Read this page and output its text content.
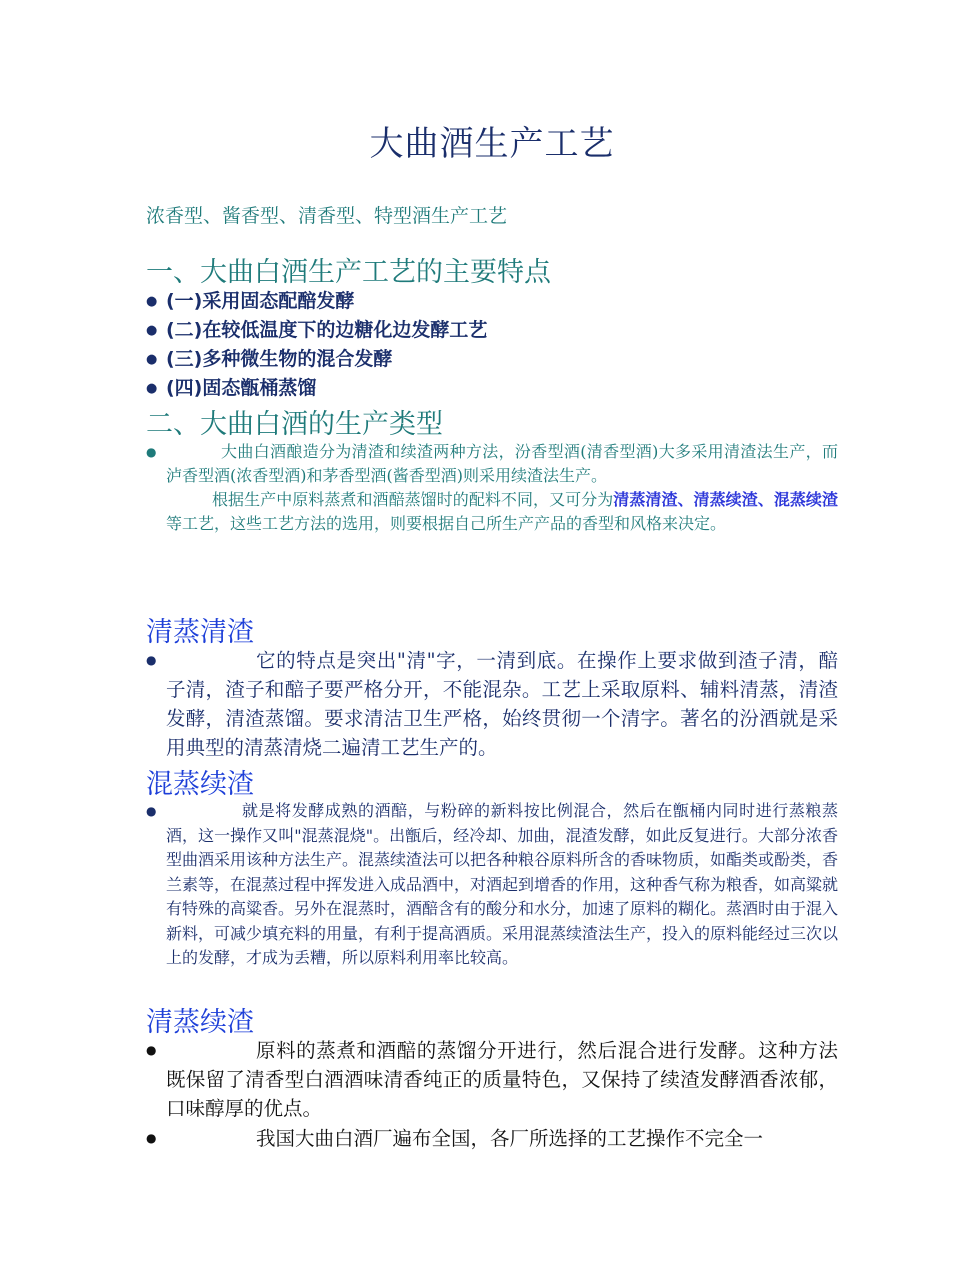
大曲酒生产工艺

浓香型、酱香型、清香型、特型酒生产工艺

一、大曲白酒生产工艺的主要特点
● (一)采用固态配醅发酵
● (二)在较低温度下的边糖化边发酵工艺
● (三)多种微生物的混合发酵
● (四)固态甑桶蒸馏
二、大曲白酒的生产类型
●	大曲白酒酿造分为清渣和续渣两种方法，汾香型酒(清香型酒)大多采用清渣法生产，而泸香型酒(浓香型酒)和茅香型酒(酱香型酒)则采用续渣法生产。
根据生产中原料蒸煮和酒醅蒸馏时的配料不同，又可分为清蒸清渣、清蒸续渣、混蒸续渣等工艺，这些工艺方法的选用，则要根据自己所生产产品的香型和风格来决定。
清蒸清渣
●	它的特点是突出"清"字，一清到底。在操作上要求做到渣子清，醅子清，渣子和醅子要严格分开，不能混杂。工艺上采取原料、辅料清蒸，清渣发酵，清渣蒸馏。要求清洁卫生严格，始终贯彻一个清字。著名的汾酒就是采用典型的清蒸清烧二遍清工艺生产的。
混蒸续渣
●	就是将发酵成熟的酒醅，与粉碎的新料按比例混合，然后在甑桶内同时进行蒸粮蒸酒，这一操作又叫"混蒸混烧"。出甑后，经冷却、加曲，混渣发酵，如此反复进行。大部分浓香型曲酒采用该种方法生产。混蒸续渣法可以把各种粮谷原料所含的香味物质，如酯类或酚类，香兰素等，在混蒸过程中挥发进入成品酒中，对酒起到增香的作用，这种香气称为粮香，如高粱就有特殊的高粱香。另外在混蒸时，酒醅含有的酸分和水分，加速了原料的糊化。蒸酒时由于混入新料，可减少填充料的用量，有利于提高酒质。采用混蒸续渣法生产，投入的原料能经过三次以上的发酵，才成为丢糟，所以原料利用率比较高。
清蒸续渣
●	原料的蒸煮和酒醅的蒸馏分开进行，然后混合进行发酵。这种方法既保留了清香型白酒酒味清香纯正的质量特色，又保持了续渣发酵酒香浓郁，口味醇厚的优点。
●	我国大曲白酒厂遍布全国，各厂所选择的工艺操作不完全一
